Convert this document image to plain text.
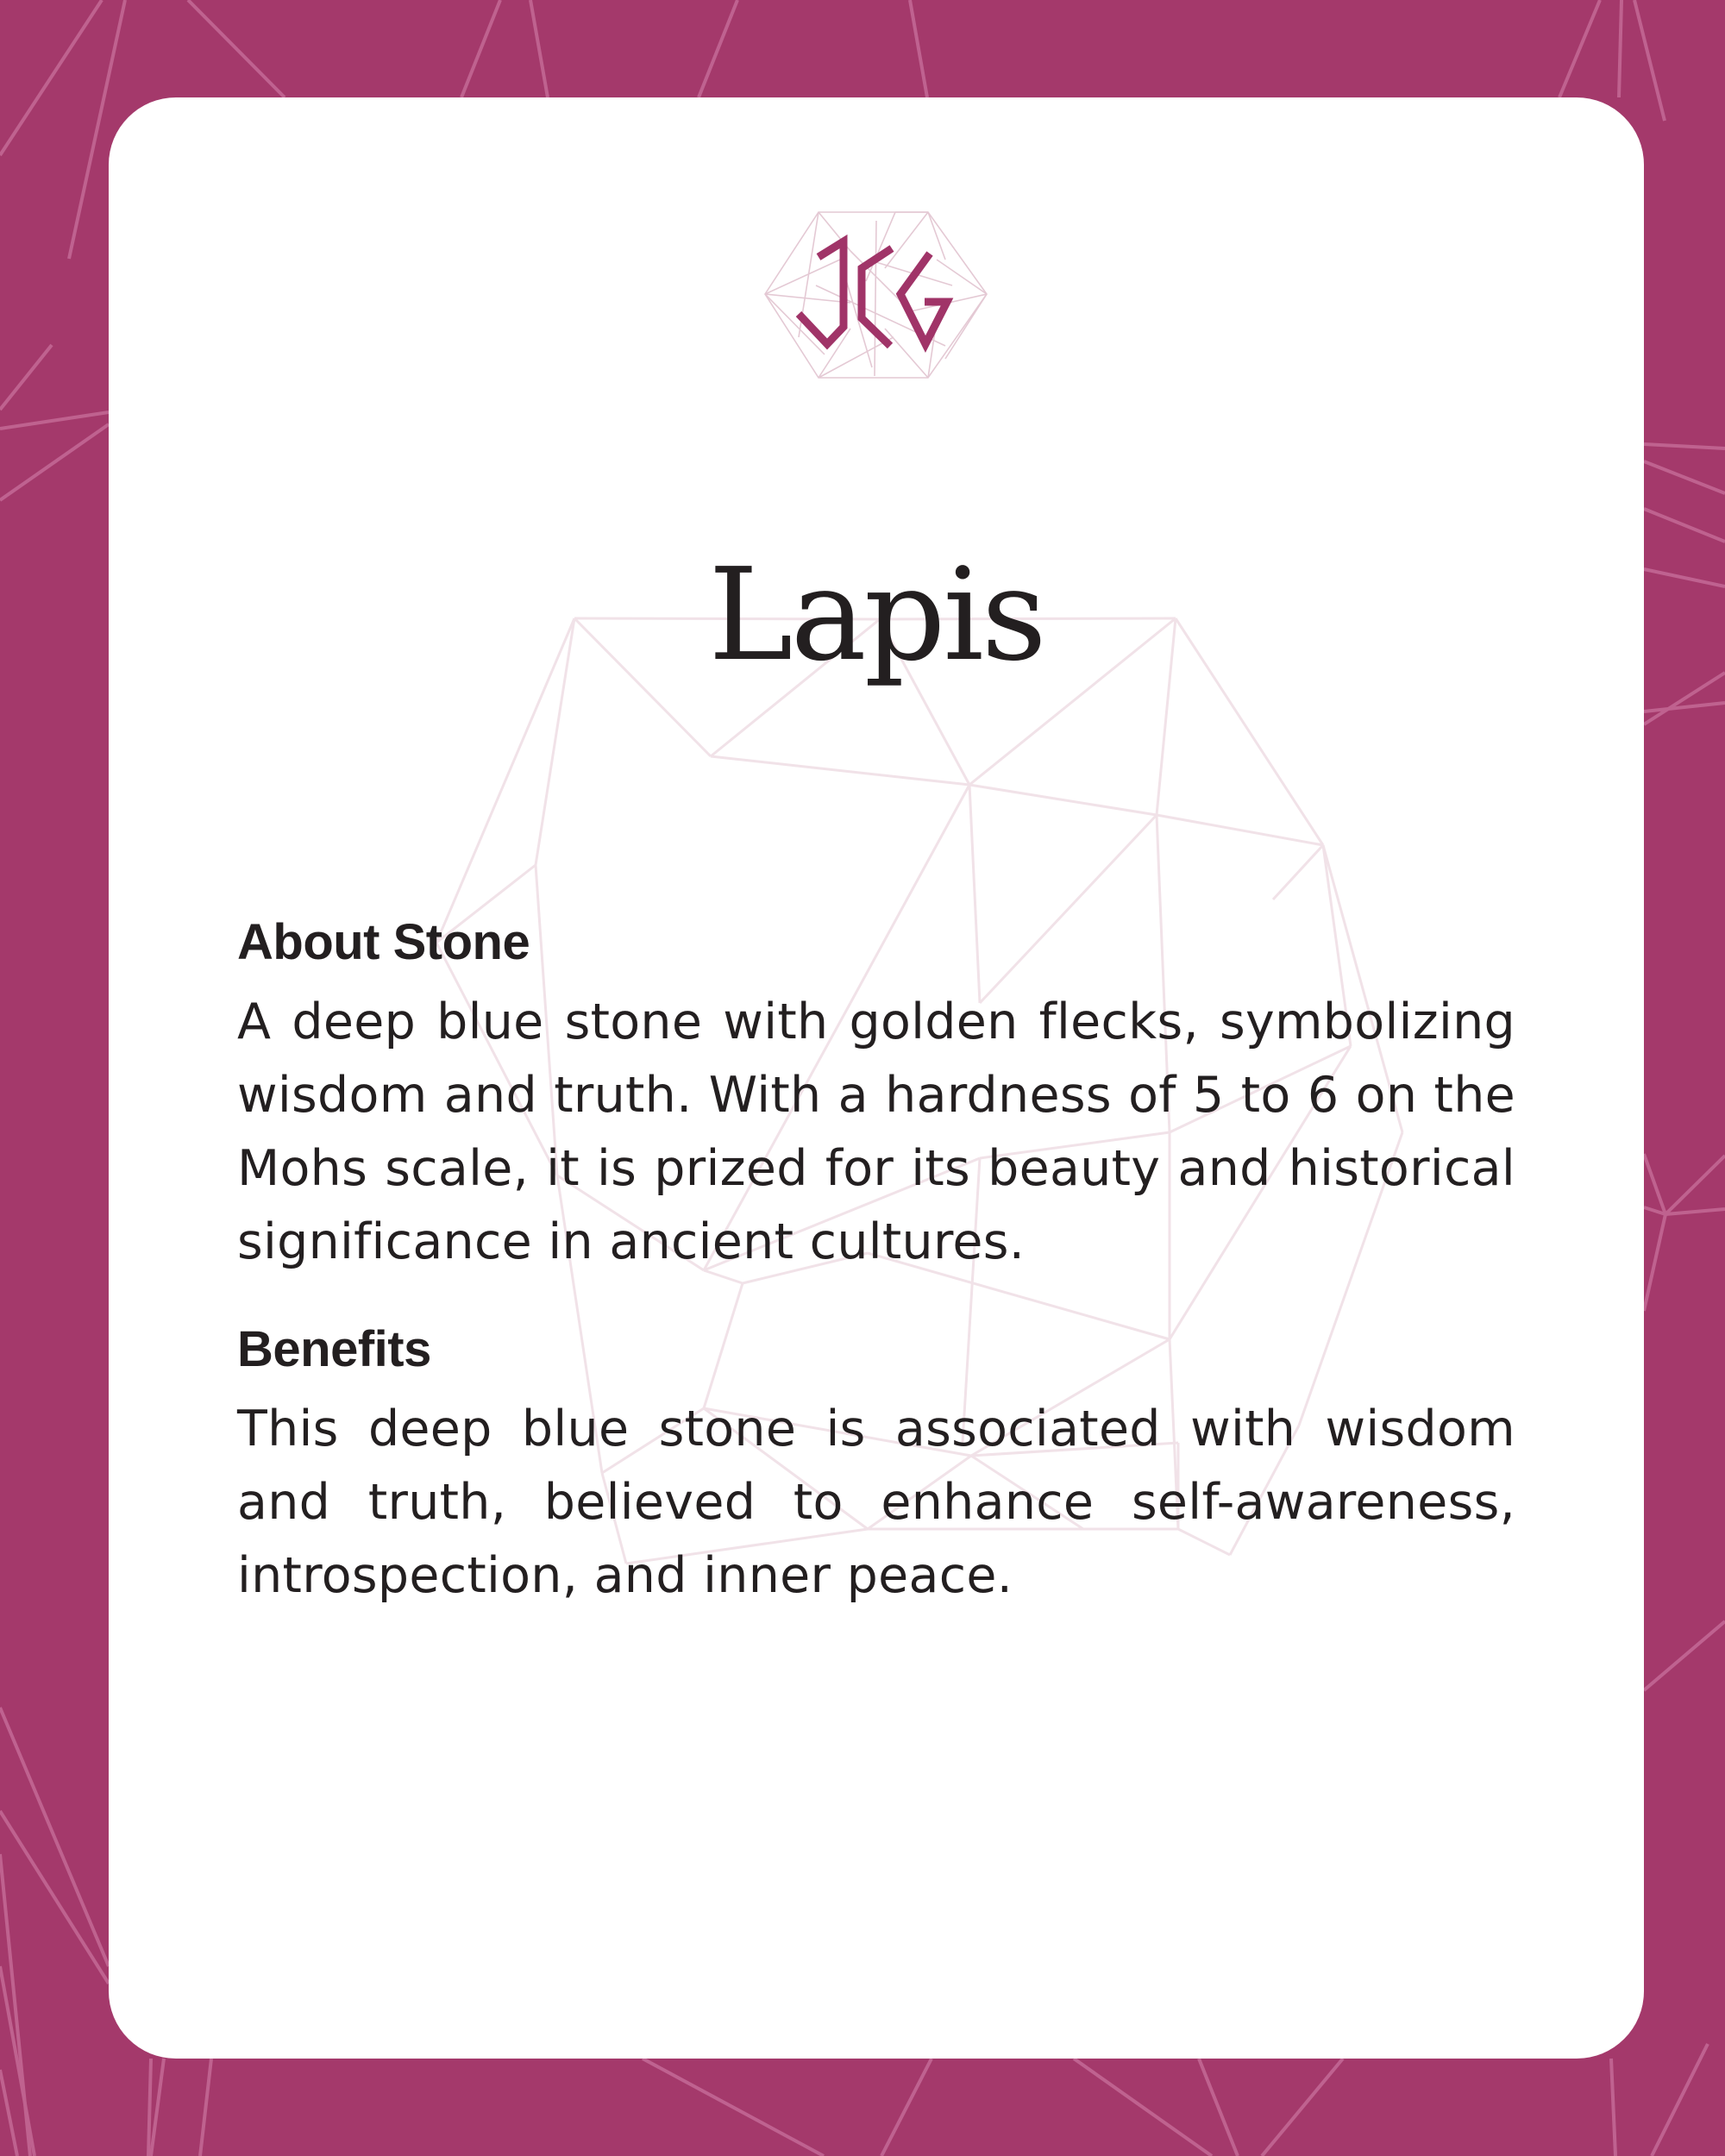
Lapis
About Stone

A deep blue stone with golden flecks, symbolizing wisdom and truth. With a hardness of 5 to 6 on the Mohs scale, it is prized for its beauty and historical significance in ancient cultures.

Benefits

This deep blue stone is associated with wisdom and truth, believed to enhance self-awareness, introspection, and inner peace.
